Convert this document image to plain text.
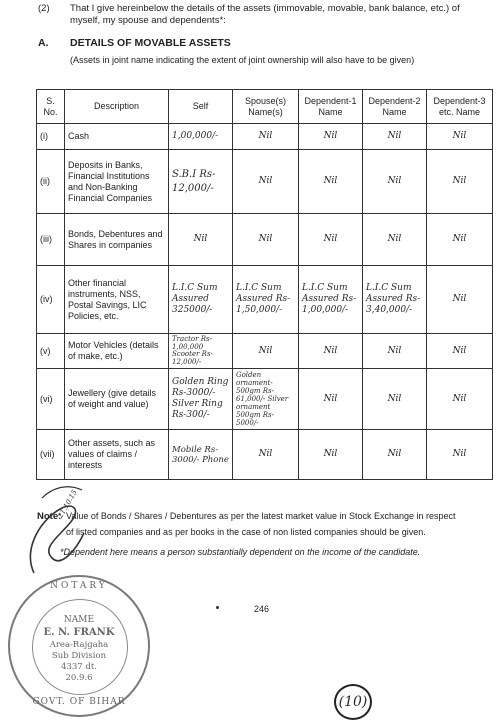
(2) That I give hereinbelow the details of the assets (immovable, movable, bank balance, etc.) of
myself, my spouse and dependents*:
A. DETAILS OF MOVABLE ASSETS
(Assets in joint name indicating the extent of joint ownership will also have to be given)
S. No.	Description	Self	Spouse(s) Name(s)	Dependent-1 Name	Dependent-2 Name	Dependent-3 etc. Name
(i)	Cash	1,00,000/-	Nil	Nil	Nil	Nil
(ii)	Deposits in Banks, Financial Institutions and Non-Banking Financial Companies	S.B.I Rs-12,000/-	Nil	Nil	Nil	Nil
(iii)	Bonds, Debentures and Shares in companies	Nil	Nil	Nil	Nil	Nil
(iv)	Other financial instruments, NSS, Postal Savings, LIC Policies, etc.	L.I.C Sum Assured 325000/-	L.I.C Sum Assured Rs-1,50,000/-	L.I.C Sum Assured Rs-1,00,000/-	L.I.C Sum Assured Rs-3,40,000/-	Nil
(v)	Motor Vehicles (details of make, etc.)	Tractor Rs-1,00,000 Scooter Rs-12,000/-	Nil	Nil	Nil	Nil
(vi)	Jewellery (give details of weight and value)	Golden Ring Rs-3000/- Silver Ring Rs-300/-	Golden ornament-500gm Rs-61,000/- Silver ornament 500gm Rs-5000/-	Nil	Nil	Nil
(vii)	Other assets, such as values of claims / interests	Mobile Rs-3000/- Phone	Nil	Nil	Nil	Nil
Note: Value of Bonds / Shares / Debentures as per the latest market value in Stock Exchange in respect
of listed companies and as per books in the case of non listed companies should be given.
*Dependent here means a person substantially dependent on the income of the candidate.
21.10.15
NOTARY
NAME
E. N. FRANK
Area-Rajgaha
Sub Division
4337 dt.
20.9.6
GOVT. OF BIHAR
246
(10)
